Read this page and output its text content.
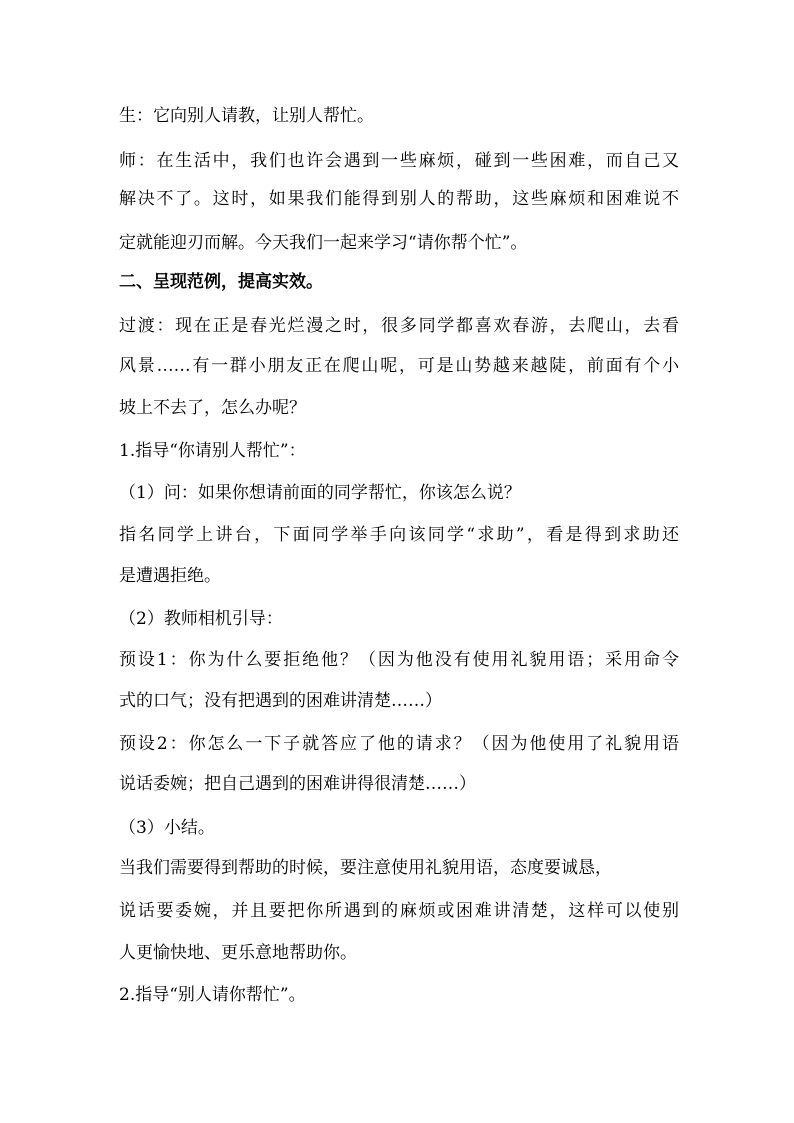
生：它向别人请教，让别人帮忙。
师：在生活中，我们也许会遇到一些麻烦，碰到一些困难，而自己又
解决不了。这时，如果我们能得到别人的帮助，这些麻烦和困难说不
定就能迎刃而解。今天我们一起来学习“请你帮个忙”。
二、呈现范例，提高实效。
过渡：现在正是春光烂漫之时，很多同学都喜欢春游，去爬山，去看
风景……有一群小朋友正在爬山呢，可是山势越来越陡，前面有个小
坡上不去了，怎么办呢？
1.指导“你请别人帮忙”：
（1）问：如果你想请前面的同学帮忙，你该怎么说？
指名同学上讲台，下面同学举手向该同学“求助”，看是得到求助还
是遭遇拒绝。
（2）教师相机引导：
预设1：你为什么要拒绝他？（因为他没有使用礼貌用语；采用命令
式的口气；没有把遇到的困难讲清楚……）
预设2：你怎么一下子就答应了他的请求？（因为他使用了礼貌用语
说话委婉；把自己遇到的困难讲得很清楚……）
（3）小结。
当我们需要得到帮助的时候，要注意使用礼貌用语，态度要诚恳，
说话要委婉，并且要把你所遇到的麻烦或困难讲清楚，这样可以使别
人更愉快地、更乐意地帮助你。
2.指导“别人请你帮忙”。
